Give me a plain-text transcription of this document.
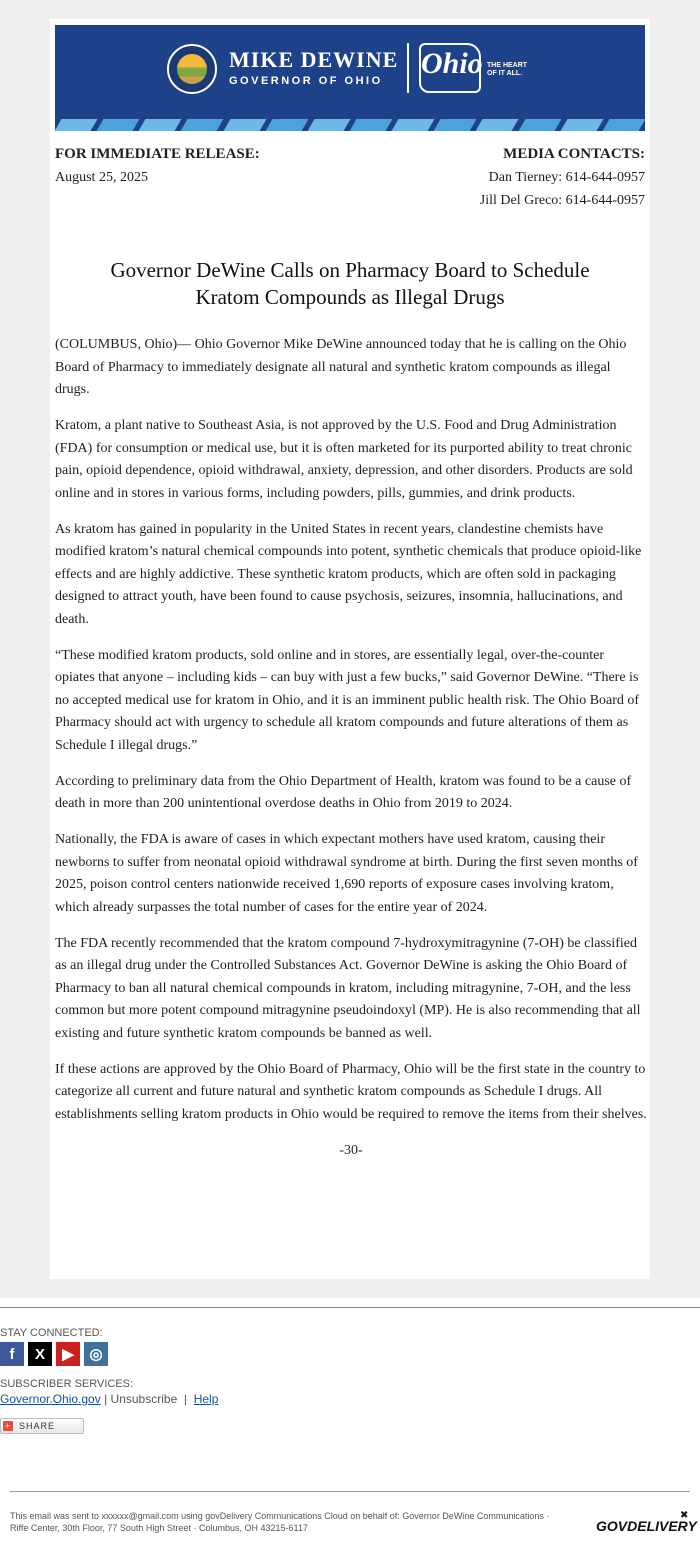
MIKE DEWINE
GOVERNOR OF OHIO
Ohio THE HEART
OF IT ALL.
FOR IMMEDIATE RELEASE:
August 25, 2025
MEDIA CONTACTS:
Dan Tierney: 614-644-0957
Jill Del Greco: 614-644-0957
Governor DeWine Calls on Pharmacy Board to Schedule
Kratom Compounds as Illegal Drugs

(COLUMBUS, Ohio)— Ohio Governor Mike DeWine announced today that he is calling on the Ohio Board of Pharmacy to immediately designate all natural and synthetic kratom compounds as illegal drugs.

Kratom, a plant native to Southeast Asia, is not approved by the U.S. Food and Drug Administration (FDA) for consumption or medical use, but it is often marketed for its purported ability to treat chronic pain, opioid dependence, opioid withdrawal, anxiety, depression, and other disorders. Products are sold online and in stores in various forms, including powders, pills, gummies, and drink products.

As kratom has gained in popularity in the United States in recent years, clandestine chemists have modified kratom’s natural chemical compounds into potent, synthetic chemicals that produce opioid-like effects and are highly addictive. These synthetic kratom products, which are often sold in packaging designed to attract youth, have been found to cause psychosis, seizures, insomnia, hallucinations, and death.

“These modified kratom products, sold online and in stores, are essentially legal, over-the-counter opiates that anyone – including kids – can buy with just a few bucks,” said Governor DeWine. “There is no accepted medical use for kratom in Ohio, and it is an imminent public health risk. The Ohio Board of Pharmacy should act with urgency to schedule all kratom compounds and future alterations of them as Schedule I illegal drugs.”

According to preliminary data from the Ohio Department of Health, kratom was found to be a cause of death in more than 200 unintentional overdose deaths in Ohio from 2019 to 2024.

Nationally, the FDA is aware of cases in which expectant mothers have used kratom, causing their newborns to suffer from neonatal opioid withdrawal syndrome at birth. During the first seven months of 2025, poison control centers nationwide received 1,690 reports of exposure cases involving kratom, which already surpasses the total number of cases for the entire year of 2024.

The FDA recently recommended that the kratom compound 7-hydroxymitragynine (7-OH) be classified as an illegal drug under the Controlled Substances Act. Governor DeWine is asking the Ohio Board of Pharmacy to ban all natural chemical compounds in kratom, including mitragynine, 7-OH, and the less common but more potent compound mitragynine pseudoindoxyl (MP). He is also recommending that all existing and future synthetic kratom compounds be banned as well.

If these actions are approved by the Ohio Board of Pharmacy, Ohio will be the first state in the country to categorize all current and future natural and synthetic kratom compounds as Schedule I drugs. All establishments selling kratom products in Ohio would be required to remove the items from their shelves.

-30-

STAY CONNECTED:
f	X	▶	◎
SUBSCRIBER SERVICES:
Governor.Ohio.gov | Unsubscribe | Help
+ SHARE
This email was sent to xxxxxx@gmail.com using govDelivery Communications Cloud on behalf of: Governor DeWine Communications · Riffe Center, 30th Floor, 77 South High Street · Columbus, OH 43215-6117	GOVDELIVERY
✖
